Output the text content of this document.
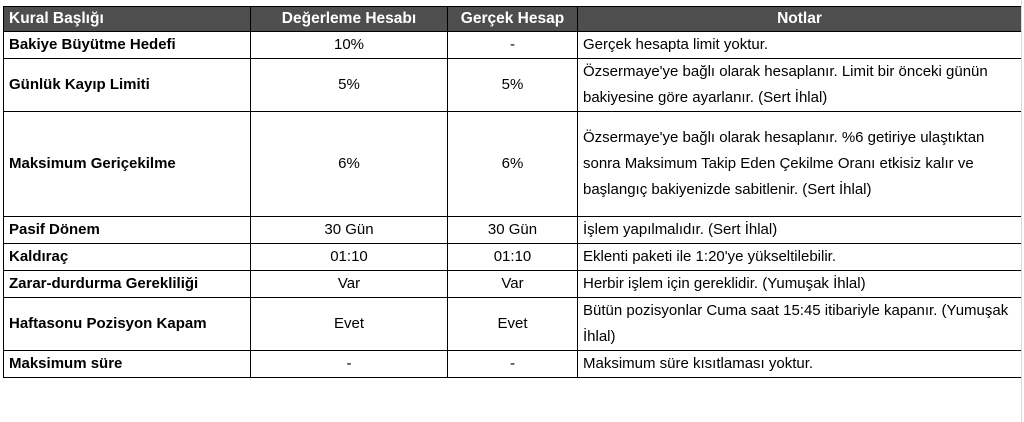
Kural Başlığı	Değerleme Hesabı	Gerçek Hesap	Notlar
Bakiye Büyütme Hedefi	10%	-	Gerçek hesapta limit yoktur.
Günlük Kayıp Limiti	5%	5%	Özsermaye'ye bağlı olarak hesaplanır. Limit bir önceki günün bakiyesine göre ayarlanır. (Sert İhlal)
Maksimum Geriçekilme	6%	6%	Özsermaye'ye bağlı olarak hesaplanır. %6 getiriye ulaştıktan sonra Maksimum Takip Eden Çekilme Oranı etkisiz kalır ve başlangıç bakiyenizde sabitlenir. (Sert İhlal)
Pasif Dönem	30 Gün	30 Gün	İşlem yapılmalıdır. (Sert İhlal)
Kaldıraç	01:10	01:10	Eklenti paketi ile 1:20'ye yükseltilebilir.
Zarar-durdurma Gerekliliği	Var	Var	Herbir işlem için gereklidir. (Yumuşak İhlal)
Haftasonu Pozisyon Kapam	Evet	Evet	Bütün pozisyonlar Cuma saat 15:45 itibariyle kapanır. (Yumuşak İhlal)
Maksimum süre	-	-	Maksimum süre kısıtlaması yoktur.
